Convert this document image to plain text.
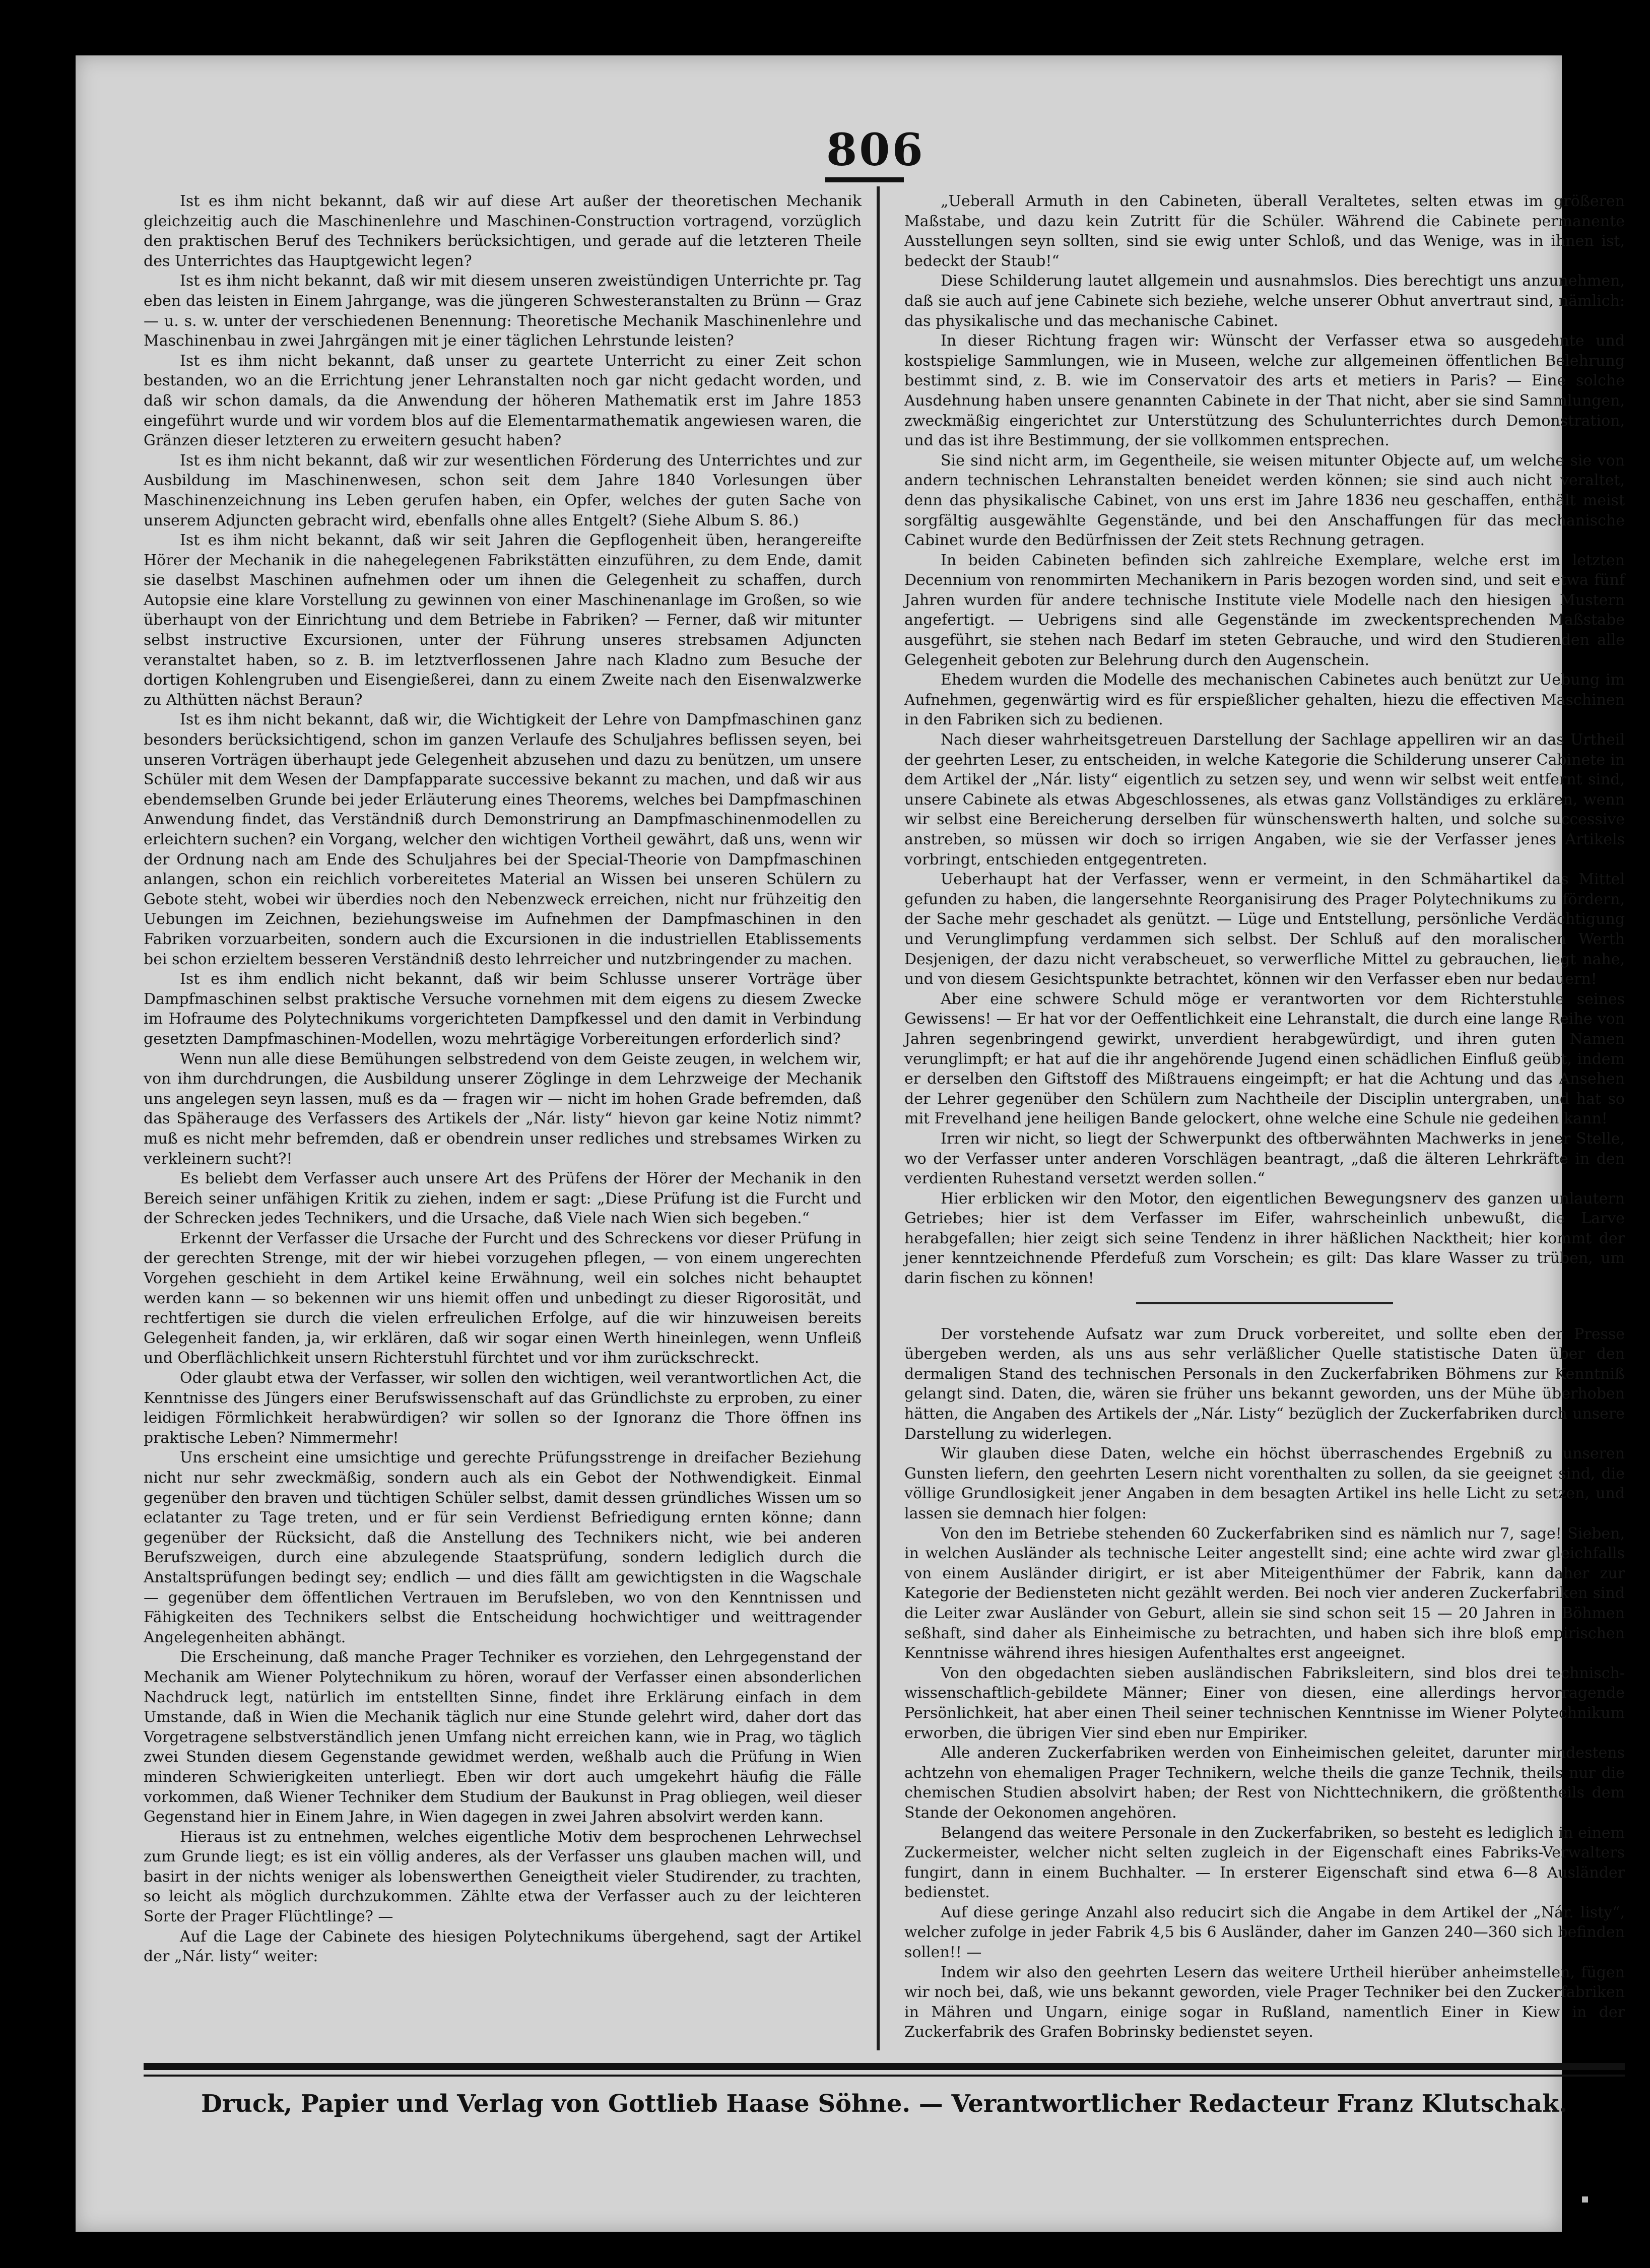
806

Ist es ihm nicht bekannt, daß wir auf diese Art außer der theoretischen Mechanik gleichzeitig auch die Maschinenlehre und Maschinen-Construction vortragend, vorzüglich den praktischen Beruf des Technikers berücksichtigen, und gerade auf die letzteren Theile des Unterrichtes das Hauptgewicht legen?

Ist es ihm nicht bekannt, daß wir mit diesem unseren zweistündigen Unterrichte pr. Tag eben das leisten in Einem Jahrgange, was die jüngeren Schwesteranstalten zu Brünn — Graz — u. s. w. unter der verschiedenen Benennung: Theoretische Mechanik Maschinenlehre und Maschinenbau in zwei Jahrgängen mit je einer täglichen Lehrstunde leisten?

Ist es ihm nicht bekannt, daß unser zu geartete Unterricht zu einer Zeit schon bestanden, wo an die Errichtung jener Lehranstalten noch gar nicht gedacht worden, und daß wir schon damals, da die Anwendung der höheren Mathematik erst im Jahre 1853 eingeführt wurde und wir vordem blos auf die Elementarmathematik angewiesen waren, die Gränzen dieser letzteren zu erweitern gesucht haben?

Ist es ihm nicht bekannt, daß wir zur wesentlichen Förderung des Unterrichtes und zur Ausbildung im Maschinenwesen, schon seit dem Jahre 1840 Vorlesungen über Maschinenzeichnung ins Leben gerufen haben, ein Opfer, welches der guten Sache von unserem Adjuncten gebracht wird, ebenfalls ohne alles Entgelt? (Siehe Album S. 86.)

Ist es ihm nicht bekannt, daß wir seit Jahren die Gepflogenheit üben, herangereifte Hörer der Mechanik in die nahegelegenen Fabrikstätten einzuführen, zu dem Ende, damit sie daselbst Maschinen aufnehmen oder um ihnen die Gelegenheit zu schaffen, durch Autopsie eine klare Vorstellung zu gewinnen von einer Maschinenanlage im Großen, so wie überhaupt von der Einrichtung und dem Betriebe in Fabriken? — Ferner, daß wir mitunter selbst instructive Excursionen, unter der Führung unseres strebsamen Adjuncten veranstaltet haben, so z. B. im letztverflossenen Jahre nach Kladno zum Besuche der dortigen Kohlengruben und Eisengießerei, dann zu einem Zweite nach den Eisenwalzwerke zu Althütten nächst Beraun?

Ist es ihm nicht bekannt, daß wir, die Wichtigkeit der Lehre von Dampfmaschinen ganz besonders berücksichtigend, schon im ganzen Verlaufe des Schuljahres beflissen seyen, bei unseren Vorträgen überhaupt jede Gelegenheit abzusehen und dazu zu benützen, um unsere Schüler mit dem Wesen der Dampfapparate successive bekannt zu machen, und daß wir aus ebendemselben Grunde bei jeder Erläuterung eines Theorems, welches bei Dampfmaschinen Anwendung findet, das Verständniß durch Demonstrirung an Dampfmaschinenmodellen zu erleichtern suchen? ein Vorgang, welcher den wichtigen Vortheil gewährt, daß uns, wenn wir der Ordnung nach am Ende des Schuljahres bei der Special-Theorie von Dampfmaschinen anlangen, schon ein reichlich vorbereitetes Material an Wissen bei unseren Schülern zu Gebote steht, wobei wir überdies noch den Nebenzweck erreichen, nicht nur frühzeitig den Uebungen im Zeichnen, beziehungsweise im Aufnehmen der Dampfmaschinen in den Fabriken vorzuarbeiten, sondern auch die Excursionen in die industriellen Etablissements bei schon erzieltem besseren Verständniß desto lehrreicher und nutzbringender zu machen.

Ist es ihm endlich nicht bekannt, daß wir beim Schlusse unserer Vorträge über Dampfmaschinen selbst praktische Versuche vornehmen mit dem eigens zu diesem Zwecke im Hofraume des Polytechnikums vorgerichteten Dampfkessel und den damit in Verbindung gesetzten Dampfmaschinen-Modellen, wozu mehrtägige Vorbereitungen erforderlich sind?

Wenn nun alle diese Bemühungen selbstredend von dem Geiste zeugen, in welchem wir, von ihm durchdrungen, die Ausbildung unserer Zöglinge in dem Lehrzweige der Mechanik uns angelegen seyn lassen, muß es da — fragen wir — nicht im hohen Grade befremden, daß das Späherauge des Verfassers des Artikels der „Nár. listy“ hievon gar keine Notiz nimmt? muß es nicht mehr befremden, daß er obendrein unser redliches und strebsames Wirken zu verkleinern sucht?!

Es beliebt dem Verfasser auch unsere Art des Prüfens der Hörer der Mechanik in den Bereich seiner unfähigen Kritik zu ziehen, indem er sagt: „Diese Prüfung ist die Furcht und der Schrecken jedes Technikers, und die Ursache, daß Viele nach Wien sich begeben.“

Erkennt der Verfasser die Ursache der Furcht und des Schreckens vor dieser Prüfung in der gerechten Strenge, mit der wir hiebei vorzugehen pflegen, — von einem ungerechten Vorgehen geschieht in dem Artikel keine Erwähnung, weil ein solches nicht behauptet werden kann — so bekennen wir uns hiemit offen und unbedingt zu dieser Rigorosität, und rechtfertigen sie durch die vielen erfreulichen Erfolge, auf die wir hinzuweisen bereits Gelegenheit fanden, ja, wir erklären, daß wir sogar einen Werth hineinlegen, wenn Unfleiß und Oberflächlichkeit unsern Richterstuhl fürchtet und vor ihm zurückschreckt.

Oder glaubt etwa der Verfasser, wir sollen den wichtigen, weil verantwortlichen Act, die Kenntnisse des Jüngers einer Berufswissenschaft auf das Gründlichste zu erproben, zu einer leidigen Förmlichkeit herabwürdigen? wir sollen so der Ignoranz die Thore öffnen ins praktische Leben? Nimmermehr!

Uns erscheint eine umsichtige und gerechte Prüfungsstrenge in dreifacher Beziehung nicht nur sehr zweckmäßig, sondern auch als ein Gebot der Nothwendigkeit. Einmal gegenüber den braven und tüchtigen Schüler selbst, damit dessen gründliches Wissen um so eclatanter zu Tage treten, und er für sein Verdienst Befriedigung ernten könne; dann gegenüber der Rücksicht, daß die Anstellung des Technikers nicht, wie bei anderen Berufszweigen, durch eine abzulegende Staatsprüfung, sondern lediglich durch die Anstaltsprüfungen bedingt sey; endlich — und dies fällt am gewichtigsten in die Wagschale — gegenüber dem öffentlichen Vertrauen im Berufsleben, wo von den Kenntnissen und Fähigkeiten des Technikers selbst die Entscheidung hochwichtiger und weittragender Angelegenheiten abhängt.

Die Erscheinung, daß manche Prager Techniker es vorziehen, den Lehrgegenstand der Mechanik am Wiener Polytechnikum zu hören, worauf der Verfasser einen absonderlichen Nachdruck legt, natürlich im entstellten Sinne, findet ihre Erklärung einfach in dem Umstande, daß in Wien die Mechanik täglich nur eine Stunde gelehrt wird, daher dort das Vorgetragene selbstverständlich jenen Umfang nicht erreichen kann, wie in Prag, wo täglich zwei Stunden diesem Gegenstande gewidmet werden, weßhalb auch die Prüfung in Wien minderen Schwierigkeiten unterliegt. Eben wir dort auch umgekehrt häufig die Fälle vorkommen, daß Wiener Techniker dem Studium der Baukunst in Prag obliegen, weil dieser Gegenstand hier in Einem Jahre, in Wien dagegen in zwei Jahren absolvirt werden kann.

Hieraus ist zu entnehmen, welches eigentliche Motiv dem besprochenen Lehrwechsel zum Grunde liegt; es ist ein völlig anderes, als der Verfasser uns glauben machen will, und basirt in der nichts weniger als lobenswerthen Geneigtheit vieler Studirender, zu trachten, so leicht als möglich durchzukommen. Zählte etwa der Verfasser auch zu der leichteren Sorte der Prager Flüchtlinge? —

Auf die Lage der Cabinete des hiesigen Polytechnikums übergehend, sagt der Artikel der „Nár. listy“ weiter:

„Ueberall Armuth in den Cabineten, überall Veraltetes, selten etwas im größeren Maßstabe, und dazu kein Zutritt für die Schüler. Während die Cabinete permanente Ausstellungen seyn sollten, sind sie ewig unter Schloß, und das Wenige, was in ihnen ist, bedeckt der Staub!“

Diese Schilderung lautet allgemein und ausnahmslos. Dies berechtigt uns anzunehmen, daß sie auch auf jene Cabinete sich beziehe, welche unserer Obhut anvertraut sind, nämlich: das physikalische und das mechanische Cabinet.

In dieser Richtung fragen wir: Wünscht der Verfasser etwa so ausgedehnte und kostspielige Sammlungen, wie in Museen, welche zur allgemeinen öffentlichen Belehrung bestimmt sind, z. B. wie im Conservatoir des arts et metiers in Paris? — Eine solche Ausdehnung haben unsere genannten Cabinete in der That nicht, aber sie sind Sammlungen, zweckmäßig eingerichtet zur Unterstützung des Schulunterrichtes durch Demonstration, und das ist ihre Bestimmung, der sie vollkommen entsprechen.

Sie sind nicht arm, im Gegentheile, sie weisen mitunter Objecte auf, um welche sie von andern technischen Lehranstalten beneidet werden können; sie sind auch nicht veraltet, denn das physikalische Cabinet, von uns erst im Jahre 1836 neu geschaffen, enthält meist sorgfältig ausgewählte Gegenstände, und bei den Anschaffungen für das mechanische Cabinet wurde den Bedürfnissen der Zeit stets Rechnung getragen.

In beiden Cabineten befinden sich zahlreiche Exemplare, welche erst im letzten Decennium von renommirten Mechanikern in Paris bezogen worden sind, und seit etwa fünf Jahren wurden für andere technische Institute viele Modelle nach den hiesigen Mustern angefertigt. — Uebrigens sind alle Gegenstände im zweckentsprechenden Maßstabe ausgeführt, sie stehen nach Bedarf im steten Gebrauche, und wird den Studierenden alle Gelegenheit geboten zur Belehrung durch den Augenschein.

Ehedem wurden die Modelle des mechanischen Cabinetes auch benützt zur Uebung im Aufnehmen, gegenwärtig wird es für erspießlicher gehalten, hiezu die effectiven Maschinen in den Fabriken sich zu bedienen.

Nach dieser wahrheitsgetreuen Darstellung der Sachlage appelliren wir an das Urtheil der geehrten Leser, zu entscheiden, in welche Kategorie die Schilderung unserer Cabinete in dem Artikel der „Nár. listy“ eigentlich zu setzen sey, und wenn wir selbst weit entfernt sind, unsere Cabinete als etwas Abgeschlossenes, als etwas ganz Vollständiges zu erklären, wenn wir selbst eine Bereicherung derselben für wünschenswerth halten, und solche successive anstreben, so müssen wir doch so irrigen Angaben, wie sie der Verfasser jenes Artikels vorbringt, entschieden entgegentreten.

Ueberhaupt hat der Verfasser, wenn er vermeint, in den Schmähartikel das Mittel gefunden zu haben, die langersehnte Reorganisirung des Prager Polytechnikums zu fördern, der Sache mehr geschadet als genützt. — Lüge und Entstellung, persönliche Verdächtigung und Verunglimpfung verdammen sich selbst. Der Schluß auf den moralischen Werth Desjenigen, der dazu nicht verabscheuet, so verwerfliche Mittel zu gebrauchen, liegt nahe, und von diesem Gesichtspunkte betrachtet, können wir den Verfasser eben nur bedauern!

Aber eine schwere Schuld möge er verantworten vor dem Richterstuhle seines Gewissens! — Er hat vor der Oeffentlichkeit eine Lehranstalt, die durch eine lange Reihe von Jahren segenbringend gewirkt, unverdient herabgewürdigt, und ihren guten Namen verunglimpft; er hat auf die ihr angehörende Jugend einen schädlichen Einfluß geübt, indem er derselben den Giftstoff des Mißtrauens eingeimpft; er hat die Achtung und das Ansehen der Lehrer gegenüber den Schülern zum Nachtheile der Disciplin untergraben, und hat so mit Frevelhand jene heiligen Bande gelockert, ohne welche eine Schule nie gedeihen kann!

Irren wir nicht, so liegt der Schwerpunkt des oftberwähnten Machwerks in jener Stelle, wo der Verfasser unter anderen Vorschlägen beantragt, „daß die älteren Lehrkräfte in den verdienten Ruhestand versetzt werden sollen.“

Hier erblicken wir den Motor, den eigentlichen Bewegungsnerv des ganzen unlautern Getriebes; hier ist dem Verfasser im Eifer, wahrscheinlich unbewußt, die Larve herabgefallen; hier zeigt sich seine Tendenz in ihrer häßlichen Nacktheit; hier kommt der jener kenntzeichnende Pferdefuß zum Vorschein; es gilt: Das klare Wasser zu trüben, um darin fischen zu können!

Der vorstehende Aufsatz war zum Druck vorbereitet, und sollte eben der Presse übergeben werden, als uns aus sehr verläßlicher Quelle statistische Daten über den dermaligen Stand des technischen Personals in den Zuckerfabriken Böhmens zur Kenntniß gelangt sind. Daten, die, wären sie früher uns bekannt geworden, uns der Mühe überhoben hätten, die Angaben des Artikels der „Nár. Listy“ bezüglich der Zuckerfabriken durch unsere Darstellung zu widerlegen.

Wir glauben diese Daten, welche ein höchst überraschendes Ergebniß zu unseren Gunsten liefern, den geehrten Lesern nicht vorenthalten zu sollen, da sie geeignet sind, die völlige Grundlosigkeit jener Angaben in dem besagten Artikel ins helle Licht zu setzen, und lassen sie demnach hier folgen:

Von den im Betriebe stehenden 60 Zuckerfabriken sind es nämlich nur 7, sage! Sieben, in welchen Ausländer als technische Leiter angestellt sind; eine achte wird zwar gleichfalls von einem Ausländer dirigirt, er ist aber Miteigenthümer der Fabrik, kann daher zur Kategorie der Bediensteten nicht gezählt werden. Bei noch vier anderen Zuckerfabriken sind die Leiter zwar Ausländer von Geburt, allein sie sind schon seit 15 — 20 Jahren in Böhmen seßhaft, sind daher als Einheimische zu betrachten, und haben sich ihre bloß empirischen Kenntnisse während ihres hiesigen Aufenthaltes erst angeeignet.

Von den obgedachten sieben ausländischen Fabriksleitern, sind blos drei technisch-wissenschaftlich-gebildete Männer; Einer von diesen, eine allerdings hervorragende Persönlichkeit, hat aber einen Theil seiner technischen Kenntnisse im Wiener Polytechnikum erworben, die übrigen Vier sind eben nur Empiriker.

Alle anderen Zuckerfabriken werden von Einheimischen geleitet, darunter mindestens achtzehn von ehemaligen Prager Technikern, welche theils die ganze Technik, theils nur die chemischen Studien absolvirt haben; der Rest von Nichttechnikern, die größtentheils dem Stande der Oekonomen angehören.

Belangend das weitere Personale in den Zuckerfabriken, so besteht es lediglich in einem Zuckermeister, welcher nicht selten zugleich in der Eigenschaft eines Fabriks-Verwalters fungirt, dann in einem Buchhalter. — In ersterer Eigenschaft sind etwa 6—8 Ausländer bedienstet.

Auf diese geringe Anzahl also reducirt sich die Angabe in dem Artikel der „Nár. listy“, welcher zufolge in jeder Fabrik 4,5 bis 6 Ausländer, daher im Ganzen 240—360 sich befinden sollen!! —

Indem wir also den geehrten Lesern das weitere Urtheil hierüber anheimstellen, fügen wir noch bei, daß, wie uns bekannt geworden, viele Prager Techniker bei den Zuckerfabriken in Mähren und Ungarn, einige sogar in Rußland, namentlich Einer in Kiew in der Zuckerfabrik des Grafen Bobrinsky bedienstet seyen.

Druck, Papier und Verlag von Gottlieb Haase Söhne. — Verantwortlicher Redacteur Franz Klutschak.
